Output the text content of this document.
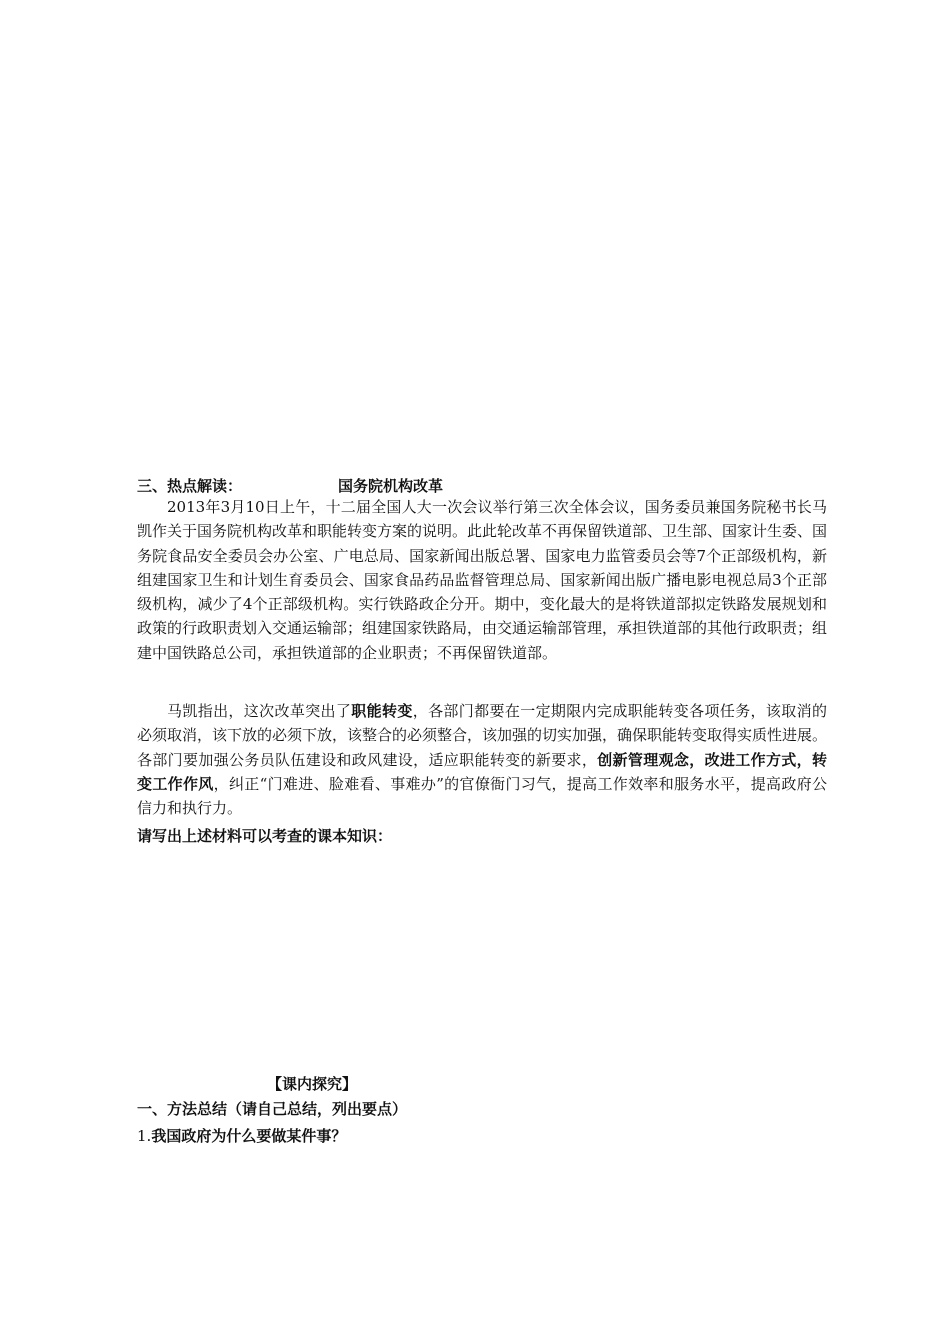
三、热点解读：	国务院机构改革
2013年3月10日上午，十二届全国人大一次会议举行第三次全体会议，国务委员兼国务院秘书长马凯作关于国务院机构改革和职能转变方案的说明。此此轮改革不再保留铁道部、卫生部、国家计生委、国务院食品安全委员会办公室、广电总局、国家新闻出版总署、国家电力监管委员会等7个正部级机构，新组建国家卫生和计划生育委员会、国家食品药品监督管理总局、国家新闻出版广播电影电视总局3个正部级机构，减少了4个正部级机构。实行铁路政企分开。期中，变化最大的是将铁道部拟定铁路发展规划和政策的行政职责划入交通运输部；组建国家铁路局，由交通运输部管理，承担铁道部的其他行政职责；组建中国铁路总公司，承担铁道部的企业职责；不再保留铁道部。
马凯指出，这次改革突出了职能转变，各部门都要在一定期限内完成职能转变各项任务，该取消的必须取消，该下放的必须下放，该整合的必须整合，该加强的切实加强，确保职能转变取得实质性进展。各部门要加强公务员队伍建设和政风建设，适应职能转变的新要求，创新管理观念，改进工作方式，转变工作作风，纠正“门难进、脸难看、事难办”的官僚衙门习气，提高工作效率和服务水平，提高政府公信力和执行力。
请写出上述材料可以考查的课本知识：
【课内探究】
一、方法总结（请自己总结，列出要点）
1.我国政府为什么要做某件事？
